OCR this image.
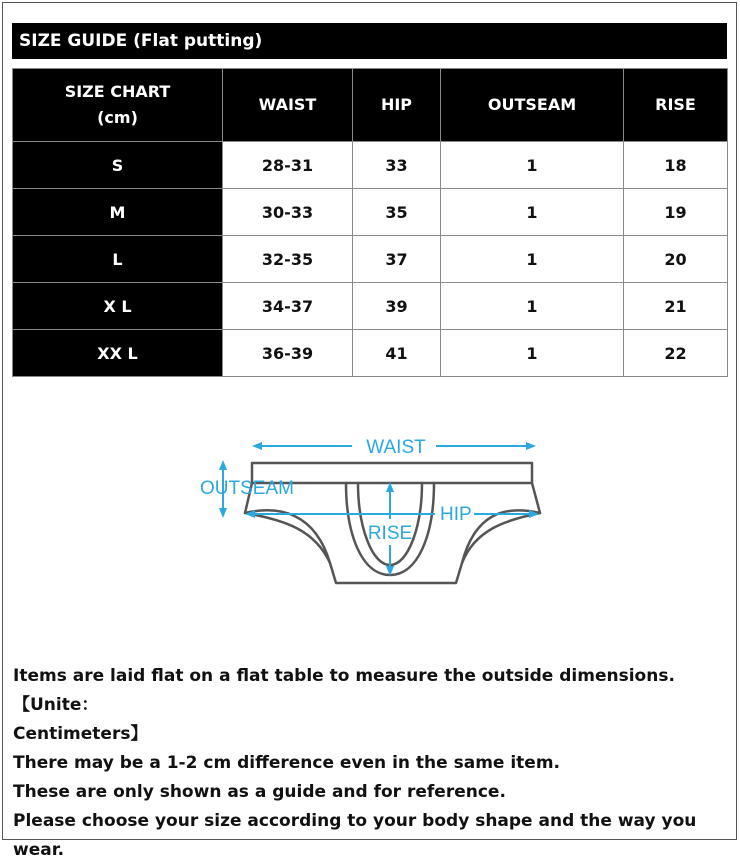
SIZE GUIDE (Flat putting)
SIZE CHART
(cm)	WAIST	HIP	OUTSEAM	RISE
S	28-31	33	1	18
M	30-33	35	1	19
L	32-35	37	1	20
X L	34-37	39	1	21
XX L	36-39	41	1	22
WAIST
OUTSEAM
HIP
RISE
Items are laid flat on a flat table to measure the outside dimensions.【Unite：
Centimeters】
There may be a 1-2 cm difference even in the same item.
These are only shown as a guide and for reference.
Please choose your size according to your body shape and the way you wear.
